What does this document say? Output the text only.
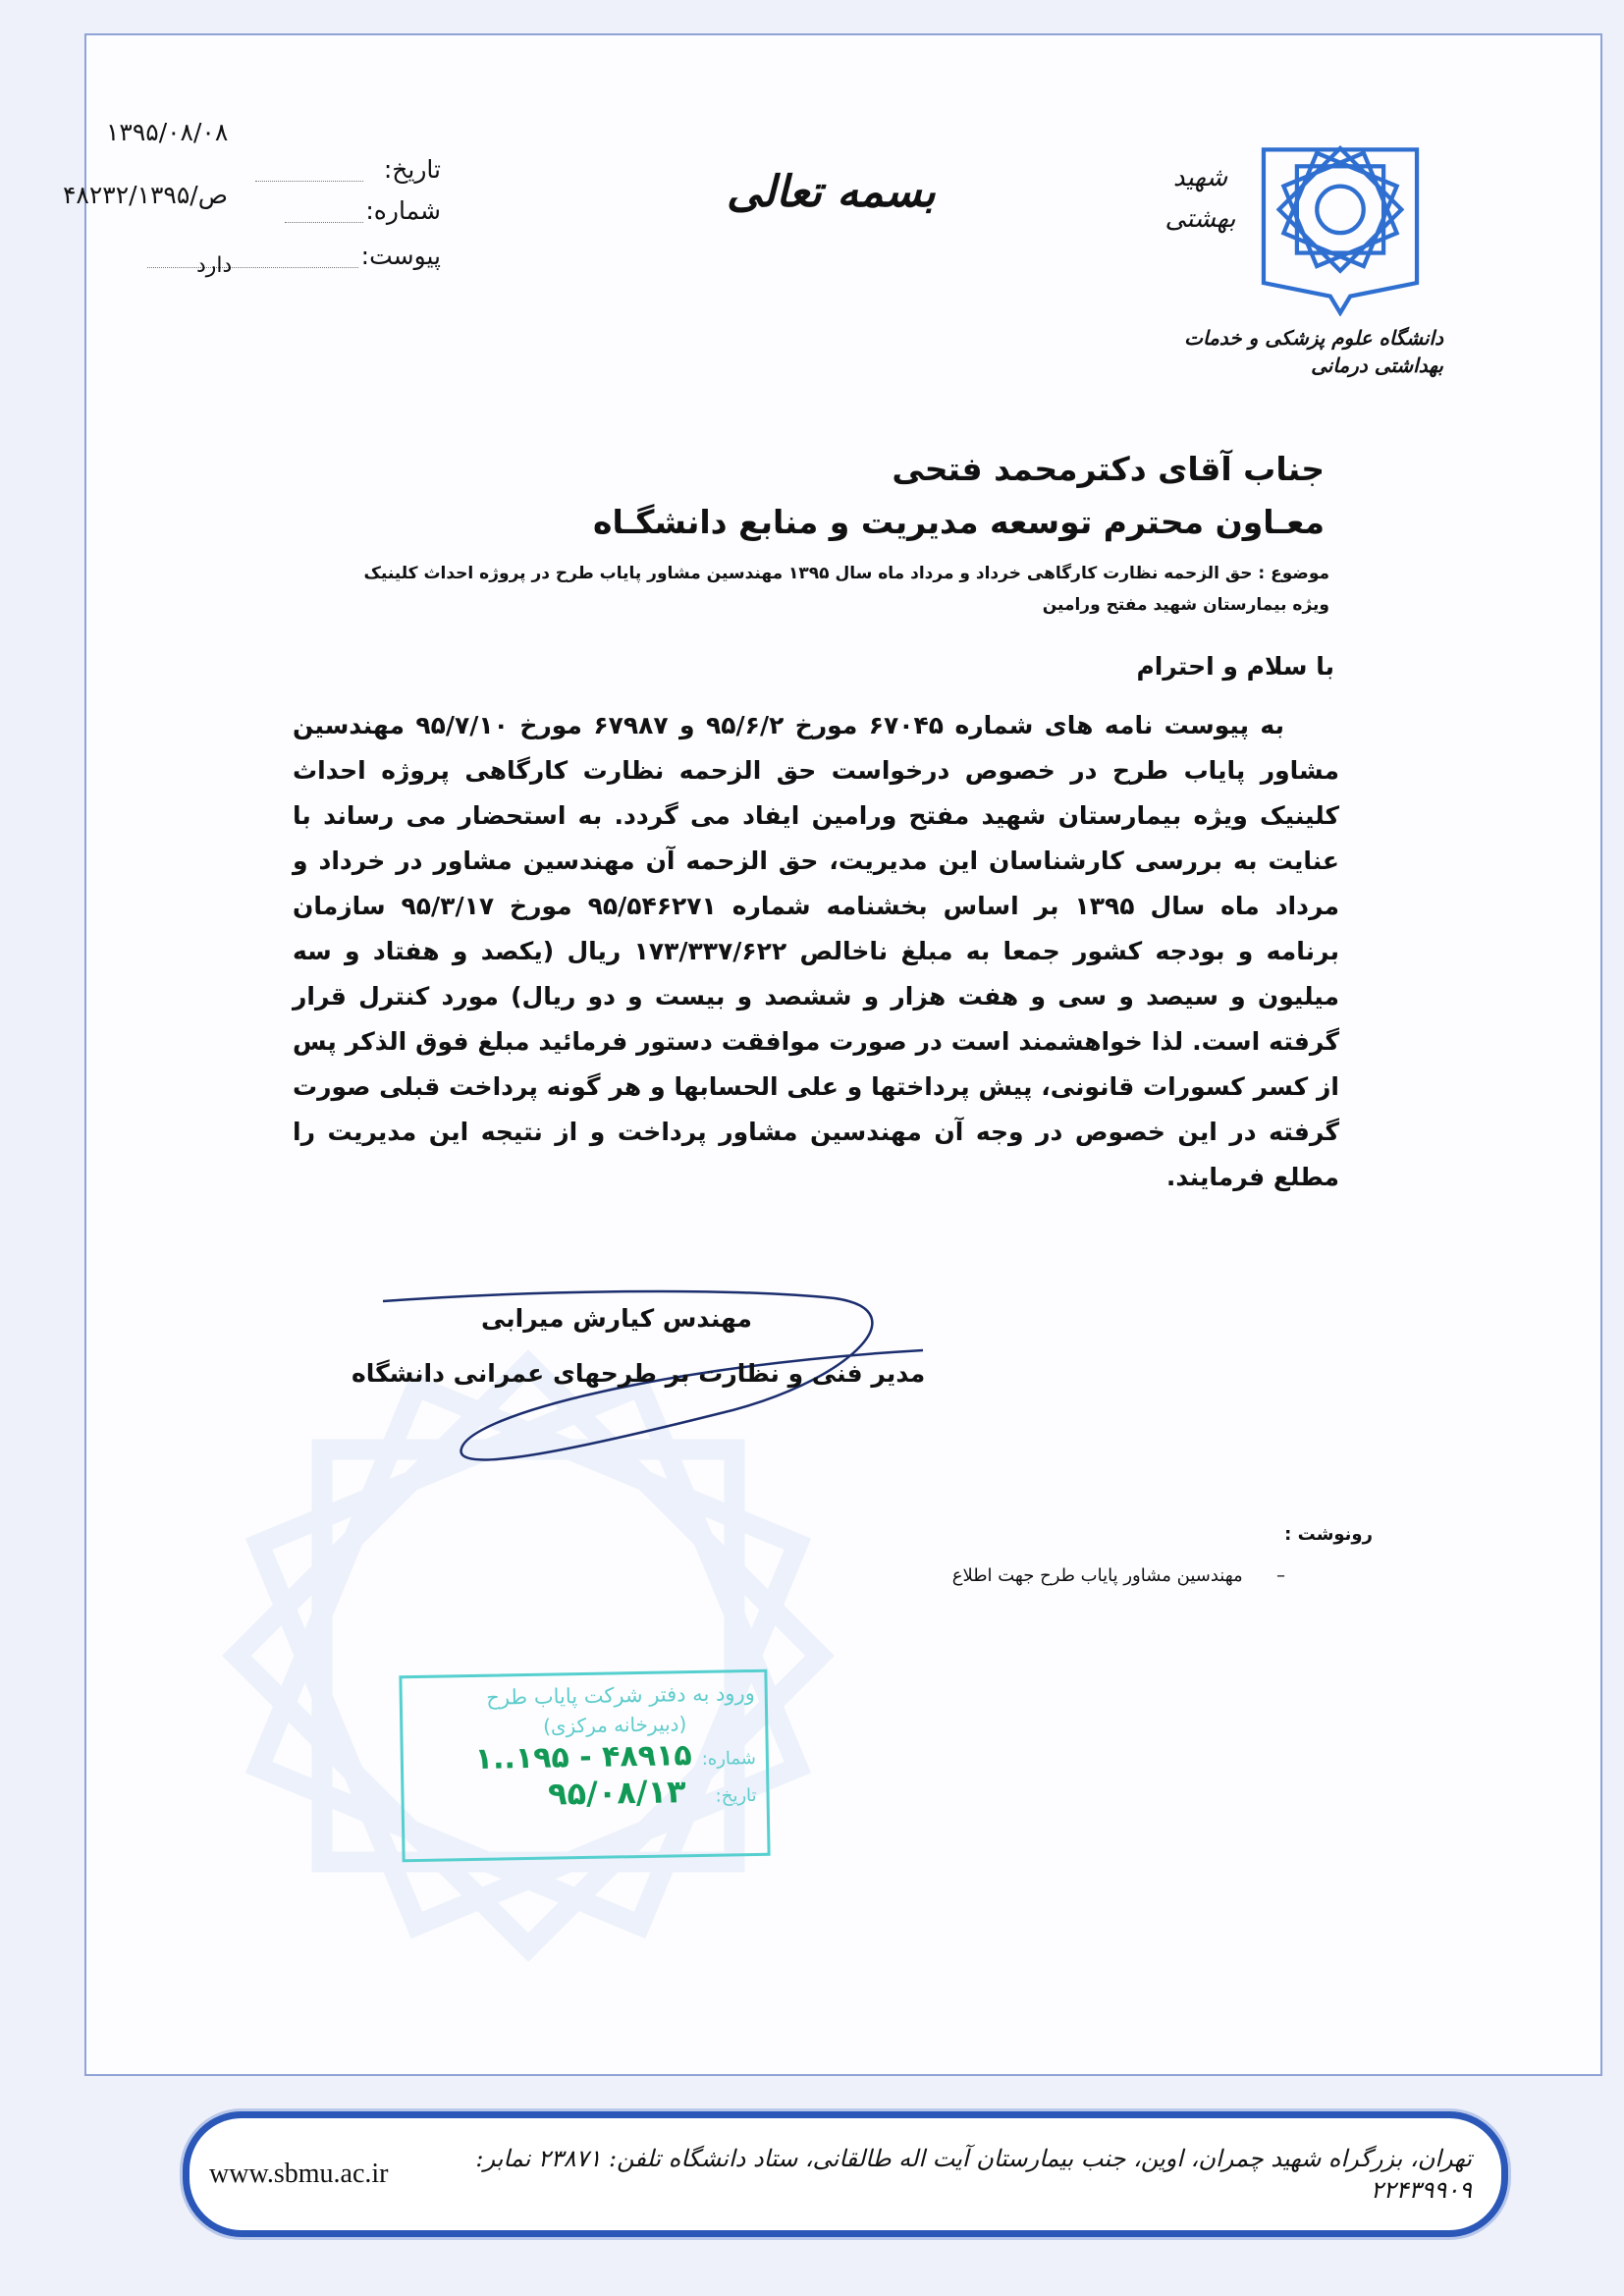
۱۳۹۵/۰۸/۰۸
تاریخ:
۴۸۲۳۲/ص/۱۳۹۵
شماره:
پیوست:
دارد
بسمه تعالی	شهید بهشتی
دانشگاه علوم پزشکی و خدمات بهداشتی درمانی
جناب آقای دکترمحمد فتحی
معـاون محترم توسعه مدیریت و منابع دانشگـاه
موضوع : حق الزحمه نظارت کارگاهی خرداد و مرداد ماه سال ۱۳۹۵ مهندسین مشاور پایاب طرح در پروژه احداث کلینیک ویژه بیمارستان شهید مفتح ورامین
با سلام و احترام
به پیوست نامه های شماره ۶۷۰۴۵ مورخ ۹۵/۶/۲ و ۶۷۹۸۷ مورخ ۹۵/۷/۱۰ مهندسین مشاور پایاب طرح در خصوص درخواست حق الزحمه نظارت کارگاهی پروژه احداث کلینیک ویژه بیمارستان شهید مفتح ورامین ایفاد می گردد. به استحضار می رساند با عنایت به بررسی کارشناسان این مدیریت، حق الزحمه آن مهندسین مشاور در خرداد و مرداد ماه سال ۱۳۹۵ بر اساس بخشنامه شماره ۹۵/۵۴۶۲۷۱ مورخ ۹۵/۳/۱۷ سازمان برنامه و بودجه کشور جمعا به مبلغ ناخالص ۱۷۳/۳۳۷/۶۲۲ ریال (یکصد و هفتاد و سه میلیون و سیصد و سی و هفت هزار و ششصد و بیست و دو ریال) مورد کنترل قرار گرفته است. لذا خواهشمند است در صورت موافقت دستور فرمائید مبلغ فوق الذکر پس از کسر کسورات قانونی، پیش پرداختها و علی الحسابها و هر گونه پرداخت قبلی صورت گرفته در این خصوص در وجه آن مهندسین مشاور پرداخت و از نتیجه این مدیریت را مطلع فرمایند.
مهندس کیارش میرابی
مدیر فنی و نظارت بر طرحهای عمرانی دانشگاه
رونوشت :
–      مهندسین مشاور پایاب طرح جهت اطلاع
ورود به دفتر شرکت پایاب طرح
(دبیرخانه مرکزی)
شماره:
۱..۱۹۵ - ۴۸۹۱۵
تاریخ:
۹۵/۰۸/۱۳
www.sbmu.ac.ir	تهران، بزرگراه شهید چمران، اوین، جنب بیمارستان آیت اله طالقانی، ستاد دانشگاه تلفن: ۲۳۸۷۱ نمابر: ۲۲۴۳۹۹۰۹
